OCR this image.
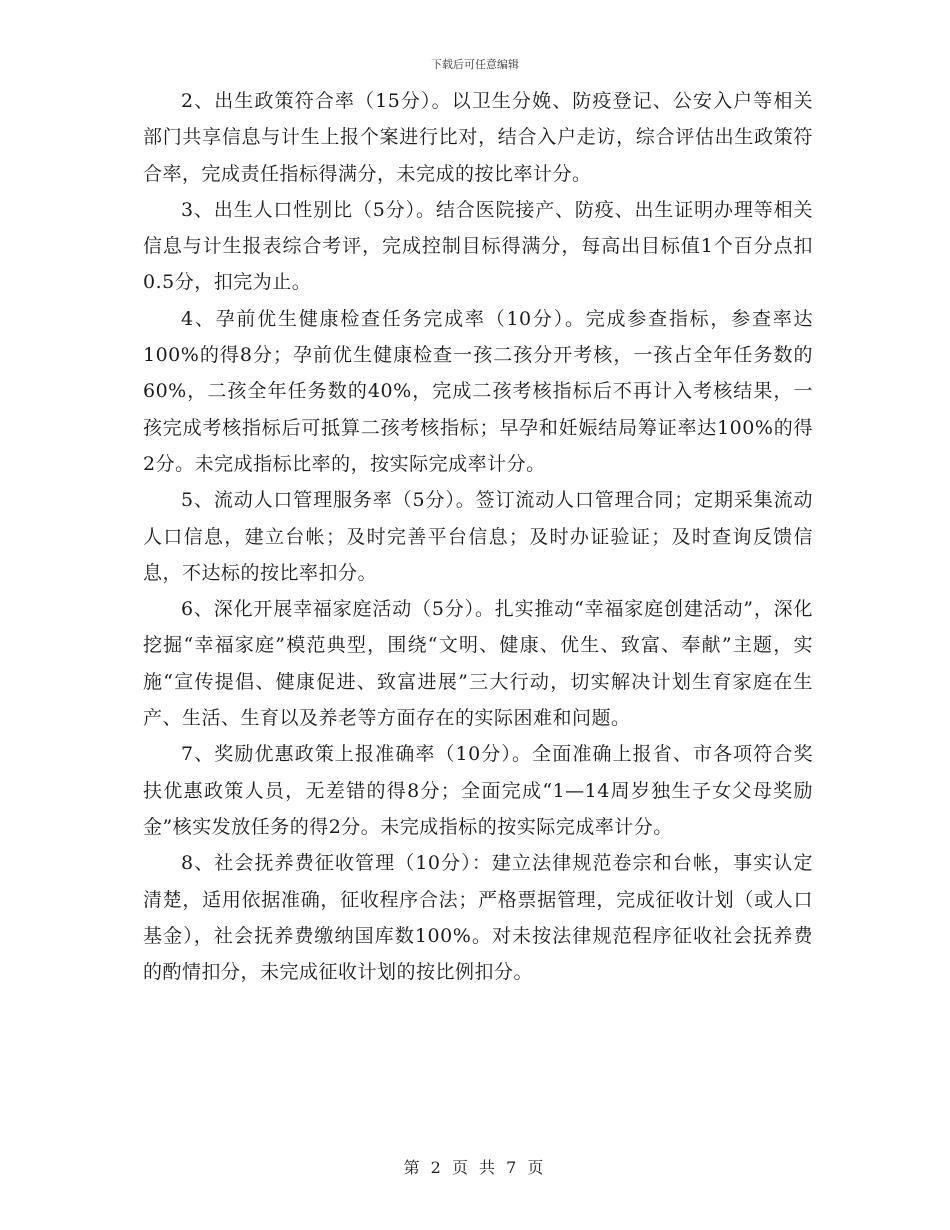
下载后可任意编辑

2、出生政策符合率（15分）。以卫生分娩、防疫登记、公安入户等相关部门共享信息与计生上报个案进行比对，结合入户走访，综合评估出生政策符合率，完成责任指标得满分，未完成的按比率计分。

3、出生人口性别比（5分）。结合医院接产、防疫、出生证明办理等相关信息与计生报表综合考评，完成控制目标得满分，每高出目标值1个百分点扣0.5分，扣完为止。

4、孕前优生健康检查任务完成率（10分）。完成参查指标，参查率达100%的得8分；孕前优生健康检查一孩二孩分开考核，一孩占全年任务数的60%，二孩全年任务数的40%，完成二孩考核指标后不再计入考核结果，一孩完成考核指标后可抵算二孩考核指标；早孕和妊娠结局筹证率达100%的得2分。未完成指标比率的，按实际完成率计分。

5、流动人口管理服务率（5分）。签订流动人口管理合同；定期采集流动人口信息，建立台帐；及时完善平台信息；及时办证验证；及时查询反馈信息，不达标的按比率扣分。

6、深化开展幸福家庭活动（5分）。扎实推动“幸福家庭创建活动”，深化挖掘“幸福家庭”模范典型，围绕“文明、健康、优生、致富、奉献”主题，实施“宣传提倡、健康促进、致富进展”三大行动，切实解决计划生育家庭在生产、生活、生育以及养老等方面存在的实际困难和问题。

7、奖励优惠政策上报准确率（10分）。全面准确上报省、市各项符合奖扶优惠政策人员，无差错的得8分；全面完成“1—14周岁独生子女父母奖励金”核实发放任务的得2分。未完成指标的按实际完成率计分。

8、社会抚养费征收管理（10分）：建立法律规范卷宗和台帐，事实认定清楚，适用依据准确，征收程序合法；严格票据管理，完成征收计划（或人口基金），社会抚养费缴纳国库数100%。对未按法律规范程序征收社会抚养费的酌情扣分，未完成征收计划的按比例扣分。

第 2 页 共 7 页
